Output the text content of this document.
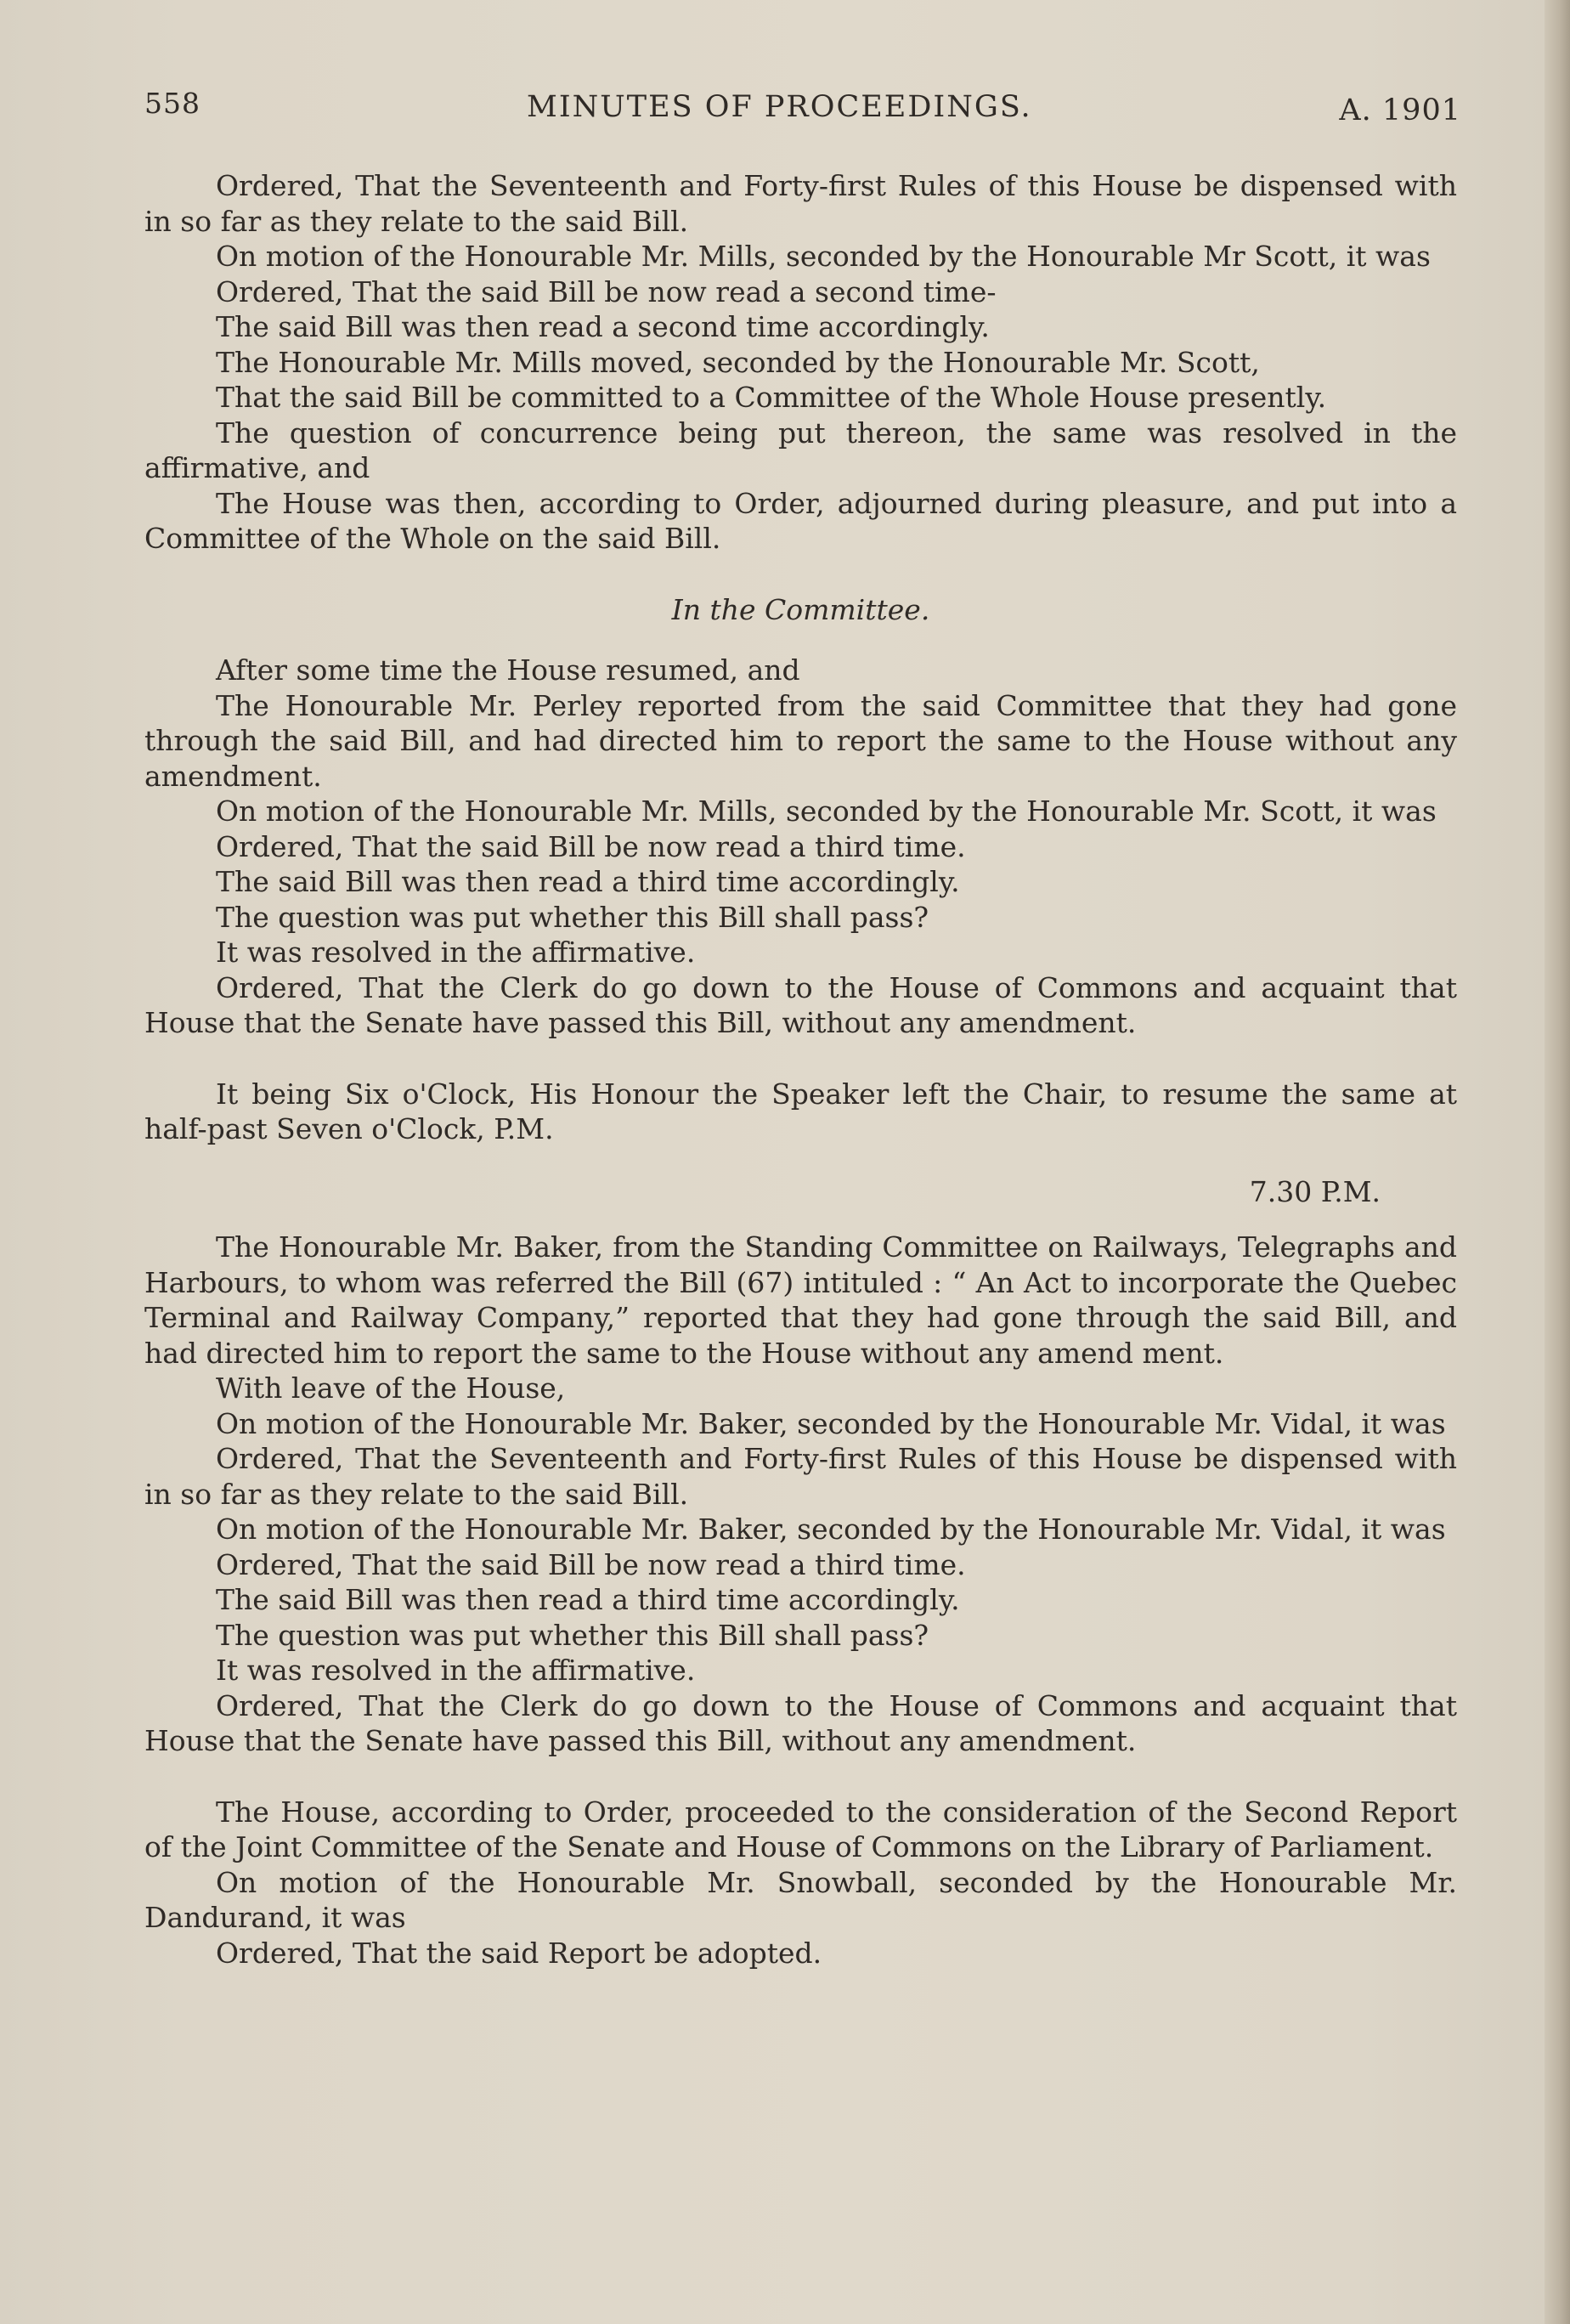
558	MINUTES OF PROCEEDINGS.	A. 1901

Ordered, That the Seventeenth and Forty-first Rules of this House be dispensed with in so far as they relate to the said Bill.

On motion of the Honourable Mr. Mills, seconded by the Honourable Mr Scott, it was

Ordered, That the said Bill be now read a second time-

The said Bill was then read a second time accordingly.

The Honourable Mr. Mills moved, seconded by the Honourable Mr. Scott,

That the said Bill be committed to a Committee of the Whole House presently.

The question of concurrence being put thereon, the same was resolved in the affirmative, and

The House was then, according to Order, adjourned during pleasure, and put into a Committee of the Whole on the said Bill.

In the Committee.

After some time the House resumed, and

The Honourable Mr. Perley reported from the said Committee that they had gone through the said Bill, and had directed him to report the same to the House without any amendment.

On motion of the Honourable Mr. Mills, seconded by the Honourable Mr. Scott, it was

Ordered, That the said Bill be now read a third time.

The said Bill was then read a third time accordingly.

The question was put whether this Bill shall pass?

It was resolved in the affirmative.

Ordered, That the Clerk do go down to the House of Commons and acquaint that House that the Senate have passed this Bill, without any amendment.

It being Six o'Clock, His Honour the Speaker left the Chair, to resume the same at half-past Seven o'Clock, P.M.

7.30 P.M.

The Honourable Mr. Baker, from the Standing Committee on Railways, Telegraphs and Harbours, to whom was referred the Bill (67) intituled : “ An Act to incorporate the Quebec Terminal and Railway Company,” reported that they had gone through the said Bill, and had directed him to report the same to the House without any amend ment.

With leave of the House,

On motion of the Honourable Mr. Baker, seconded by the Honourable Mr. Vidal, it was

Ordered, That the Seventeenth and Forty-first Rules of this House be dispensed with in so far as they relate to the said Bill.

On motion of the Honourable Mr. Baker, seconded by the Honourable Mr. Vidal, it was

Ordered, That the said Bill be now read a third time.

The said Bill was then read a third time accordingly.

The question was put whether this Bill shall pass?

It was resolved in the affirmative.

Ordered, That the Clerk do go down to the House of Commons and acquaint that House that the Senate have passed this Bill, without any amendment.

The House, according to Order, proceeded to the consideration of the Second Report of the Joint Committee of the Senate and House of Commons on the Library of Parliament.

On motion of the Honourable Mr. Snowball, seconded by the Honourable Mr. Dandurand, it was

Ordered, That the said Report be adopted.
